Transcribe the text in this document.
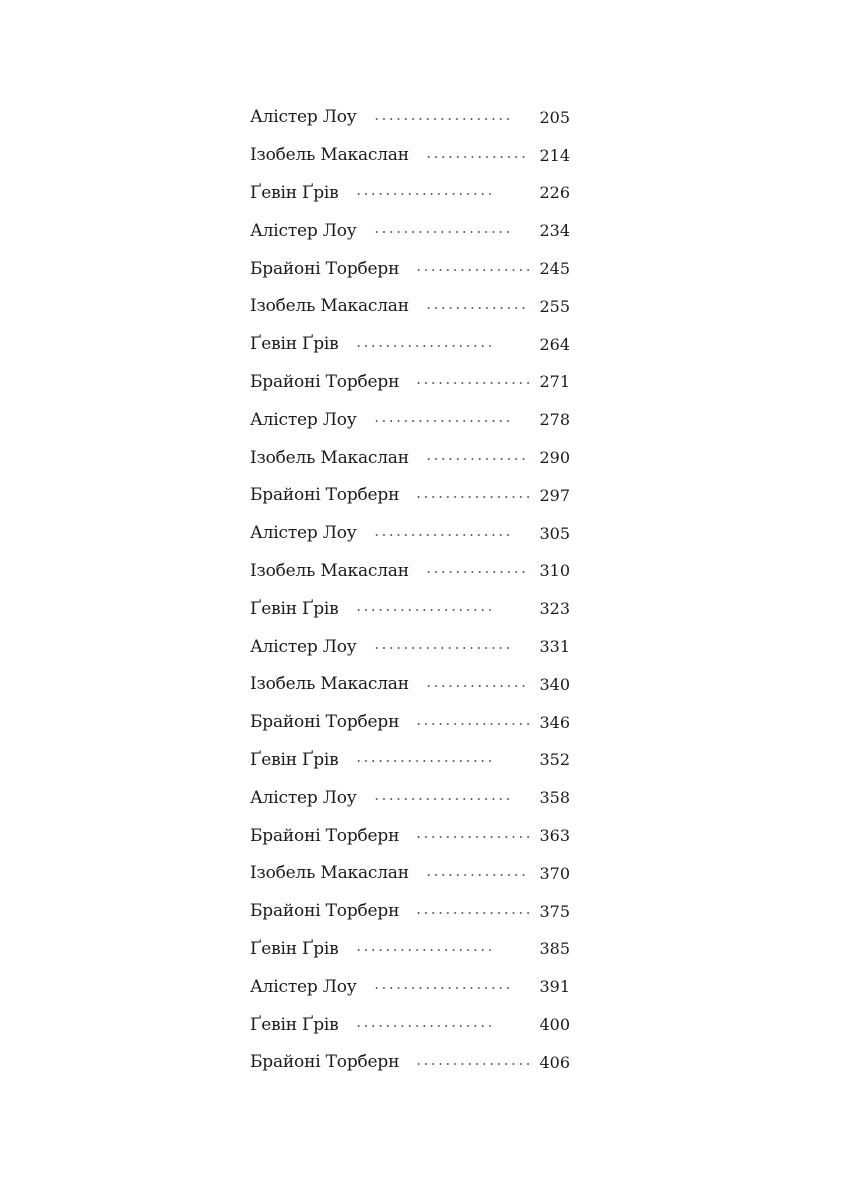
Алістер Лоу	205
Ізобель Макаслан	214
Ґевін Ґрів	226
Алістер Лоу	234
Брайоні Торберн	245
Ізобель Макаслан	255
Ґевін Ґрів	264
Брайоні Торберн	271
Алістер Лоу	278
Ізобель Макаслан	290
Брайоні Торберн	297
Алістер Лоу	305
Ізобель Макаслан	310
Ґевін Ґрів	323
Алістер Лоу	331
Ізобель Макаслан	340
Брайоні Торберн	346
Ґевін Ґрів	352
Алістер Лоу	358
Брайоні Торберн	363
Ізобель Макаслан	370
Брайоні Торберн	375
Ґевін Ґрів	385
Алістер Лоу	391
Ґевін Ґрів	400
Брайоні Торберн	406
